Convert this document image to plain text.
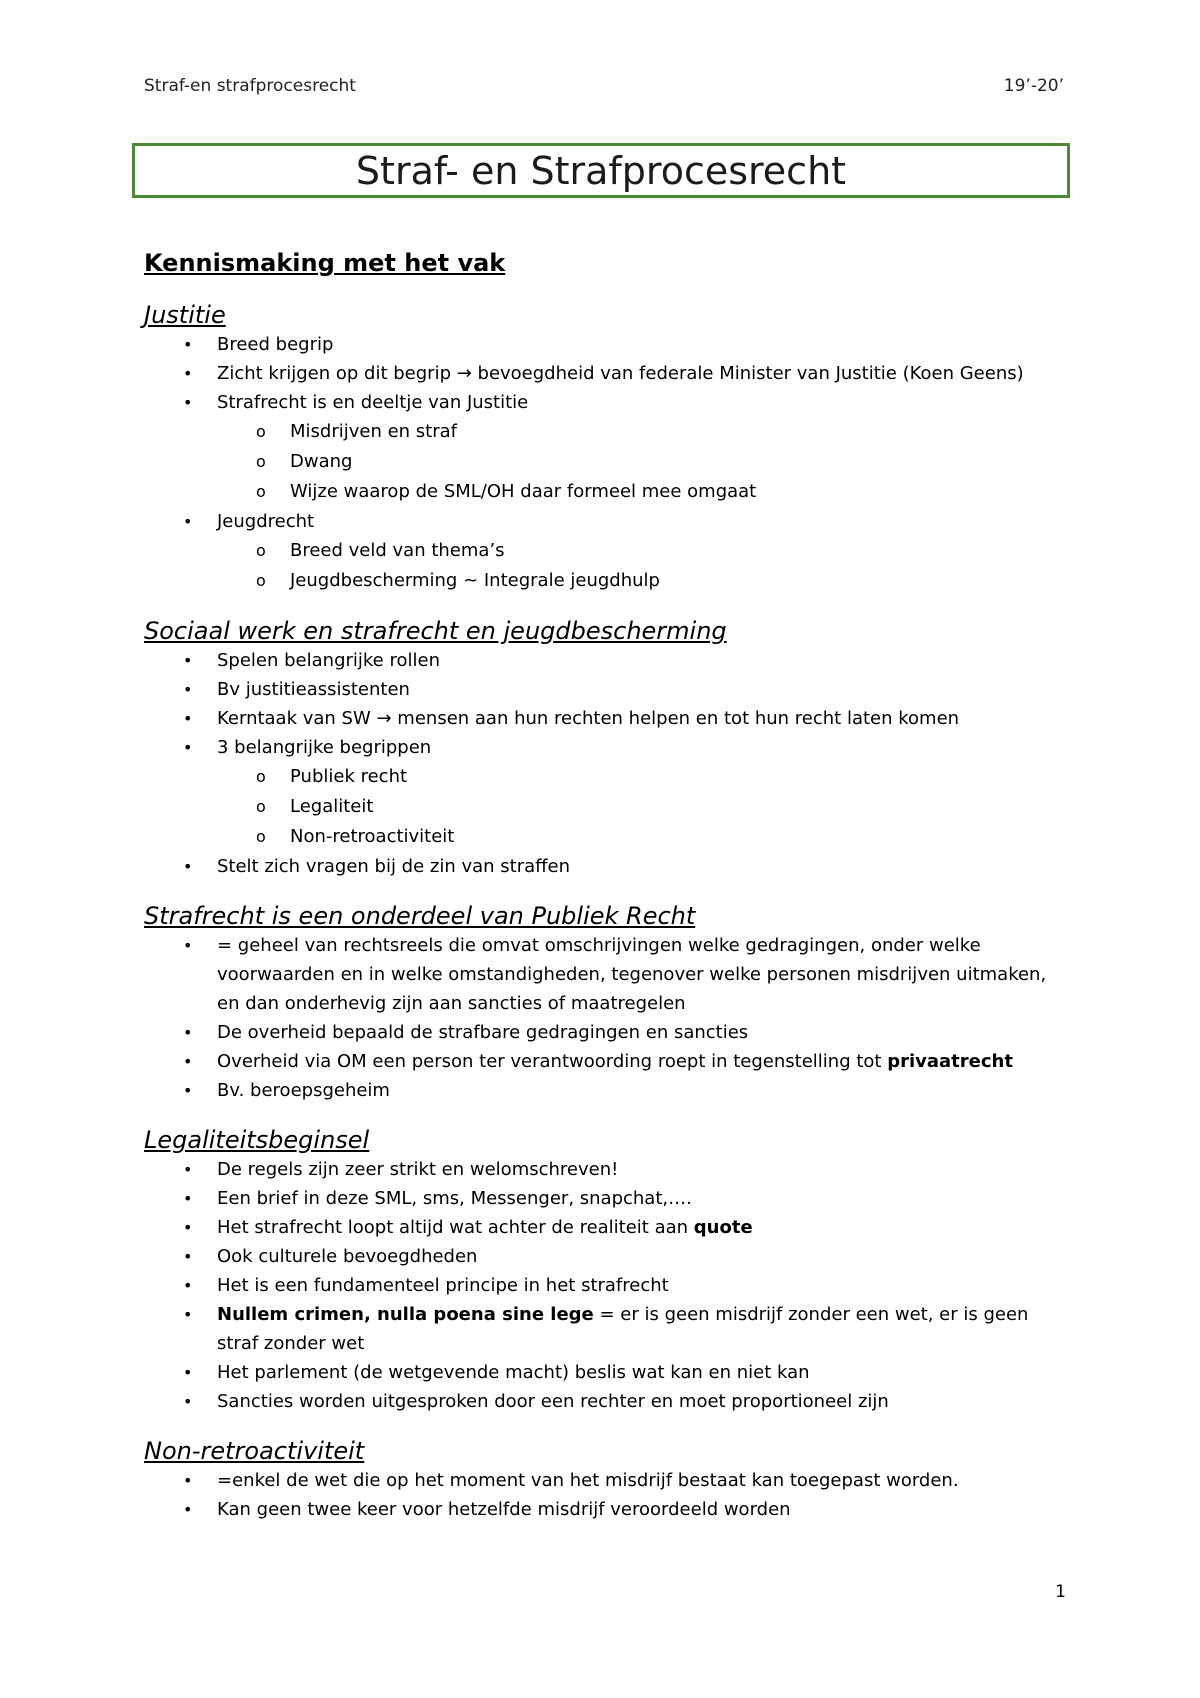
Straf-en strafprocesrecht	19’-20’
Straf- en Strafprocesrecht
Kennismaking met het vak
Justitie
• Breed begrip
• Zicht krijgen op dit begrip → bevoegdheid van federale Minister van Justitie (Koen Geens)
• Strafrecht is en deeltje van Justitie
o Misdrijven en straf
o Dwang
o Wijze waarop de SML/OH daar formeel mee omgaat
• Jeugdrecht
o Breed veld van thema’s
o Jeugdbescherming ~ Integrale jeugdhulp
Sociaal werk en strafrecht en jeugdbescherming
• Spelen belangrijke rollen
• Bv justitieassistenten
• Kerntaak van SW → mensen aan hun rechten helpen en tot hun recht laten komen
• 3 belangrijke begrippen
o Publiek recht
o Legaliteit
o Non-retroactiviteit
• Stelt zich vragen bij de zin van straffen
Strafrecht is een onderdeel van Publiek Recht
• = geheel van rechtsreels die omvat omschrijvingen welke gedragingen, onder welke voorwaarden en in welke omstandigheden, tegenover welke personen misdrijven uitmaken, en dan onderhevig zijn aan sancties of maatregelen
• De overheid bepaald de strafbare gedragingen en sancties
• Overheid via OM een person ter verantwoording roept in tegenstelling tot privaatrecht
• Bv. beroepsgeheim
Legaliteitsbeginsel
• De regels zijn zeer strikt en welomschreven!
• Een brief in deze SML, sms, Messenger, snapchat,….
• Het strafrecht loopt altijd wat achter de realiteit aan quote
• Ook culturele bevoegdheden
• Het is een fundamenteel principe in het strafrecht
• Nullem crimen, nulla poena sine lege = er is geen misdrijf zonder een wet, er is geen straf zonder wet
• Het parlement (de wetgevende macht) beslis wat kan en niet kan
• Sancties worden uitgesproken door een rechter en moet proportioneel zijn
Non-retroactiviteit
• =enkel de wet die op het moment van het misdrijf bestaat kan toegepast worden.
• Kan geen twee keer voor hetzelfde misdrijf veroordeeld worden
1
